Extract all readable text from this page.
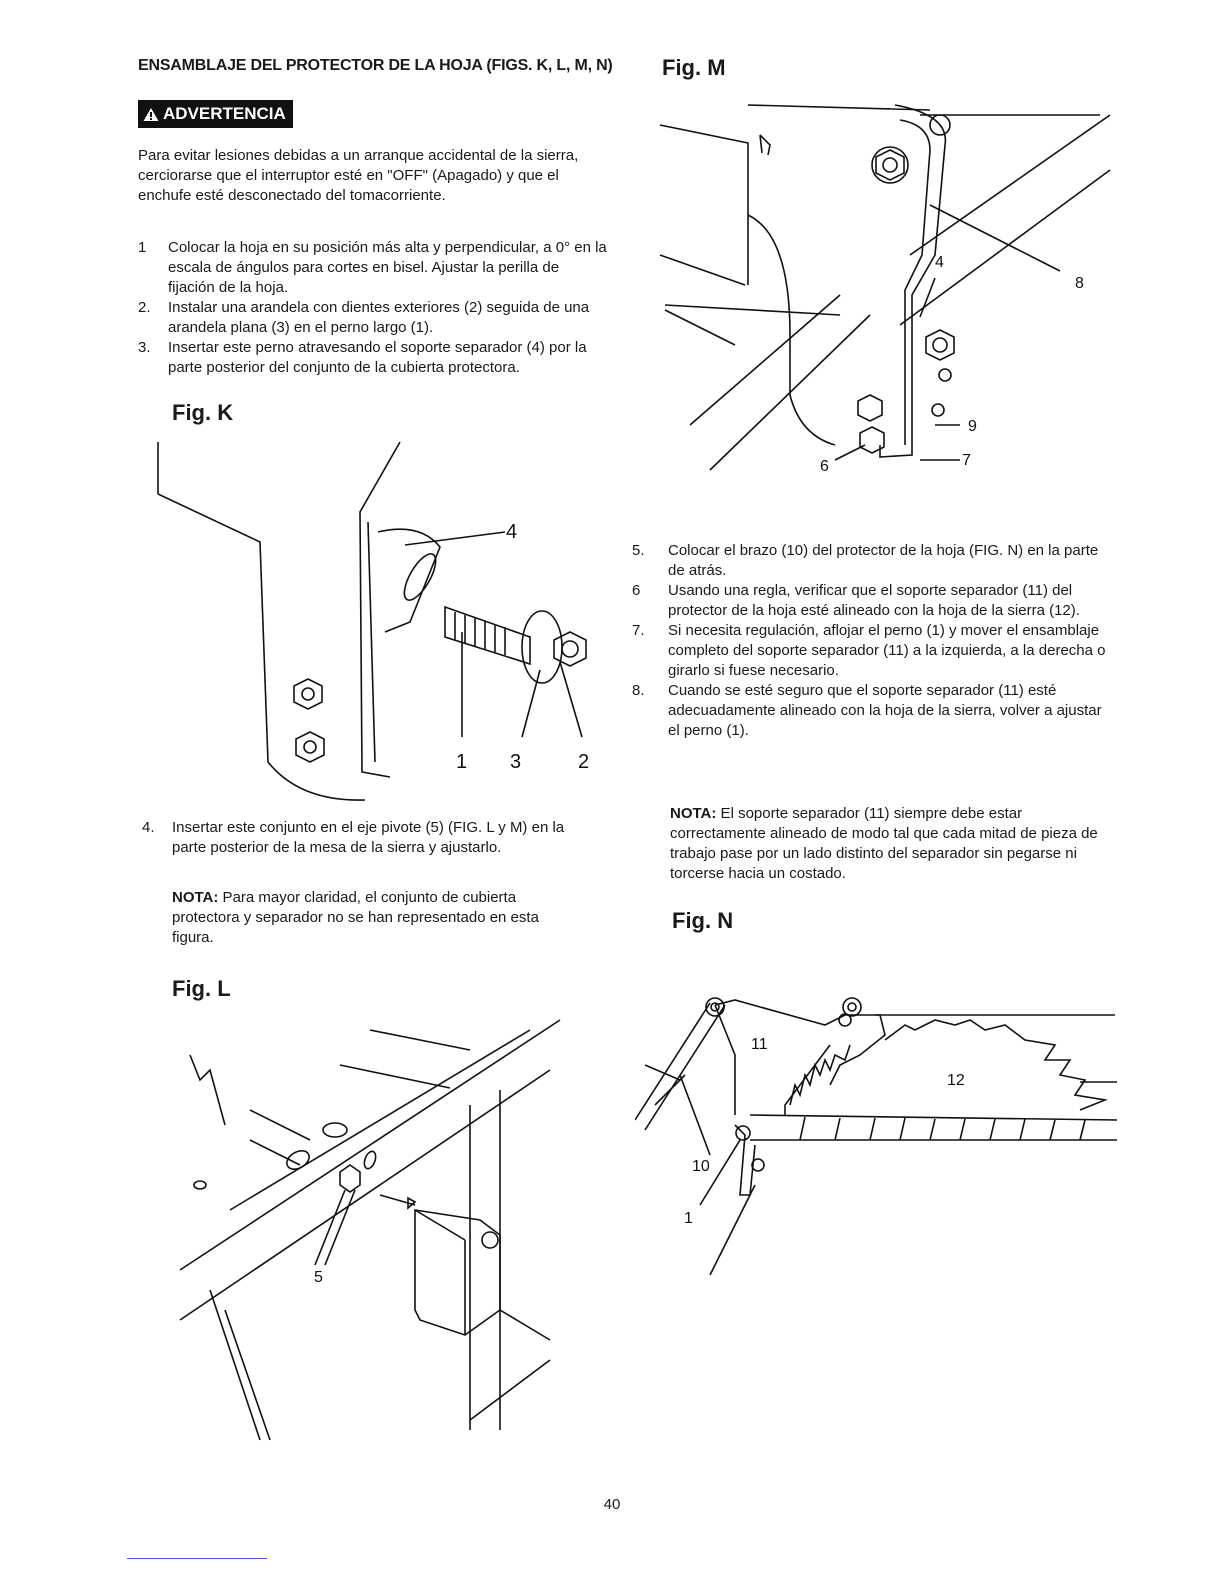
ENSAMBLAJE DEL PROTECTOR DE LA HOJA (FIGS. K, L, M, N)
ADVERTENCIA
Para evitar lesiones debidas a un arranque accidental de la sierra, cerciorarse que el interruptor esté en "OFF" (Apagado) y que el enchufe esté desconectado del tomacorriente.
1	Colocar la hoja en su posición más alta y perpendicular, a 0° en la escala de ángulos para cortes en bisel. Ajustar la perilla de fijación de la hoja.
2.	Instalar una arandela con dientes exteriores (2) seguida de una arandela plana (3) en el perno largo (1).
3.	Insertar este perno atravesando el soporte separador (4) por la parte posterior del conjunto de la cubierta protectora.
Fig. K
4
1 3	2
4.	Insertar este conjunto en el eje pivote (5) (FIG. L y M) en la parte posterior de la mesa de la sierra y ajustarlo.
NOTA: Para mayor claridad, el conjunto de cubierta protectora y separador no se han representado en esta figura.
Fig. L
5
Fig. M
4
8
9
6	7
5.	Colocar el brazo (10) del protector de la hoja (FIG. N) en la parte de atrás.
6	Usando una regla, verificar que el soporte separador (11) del protector de la hoja esté alineado con la hoja de la sierra (12).
7.	Si necesita regulación, aflojar el perno (1) y mover el ensamblaje completo del soporte separador (11) a la izquierda, a la derecha o girarlo si fuese necesario.
8.	Cuando se esté seguro que el soporte separador (11) esté adecuadamente alineado con la hoja de la sierra, volver a ajustar el perno (1).
NOTA: El soporte separador (11) siempre debe estar correctamente alineado de modo tal que cada mitad de pieza de trabajo pase por un lado distinto del separador sin pegarse ni torcerse hacia un costado.
Fig. N
11
12
10
1
40
